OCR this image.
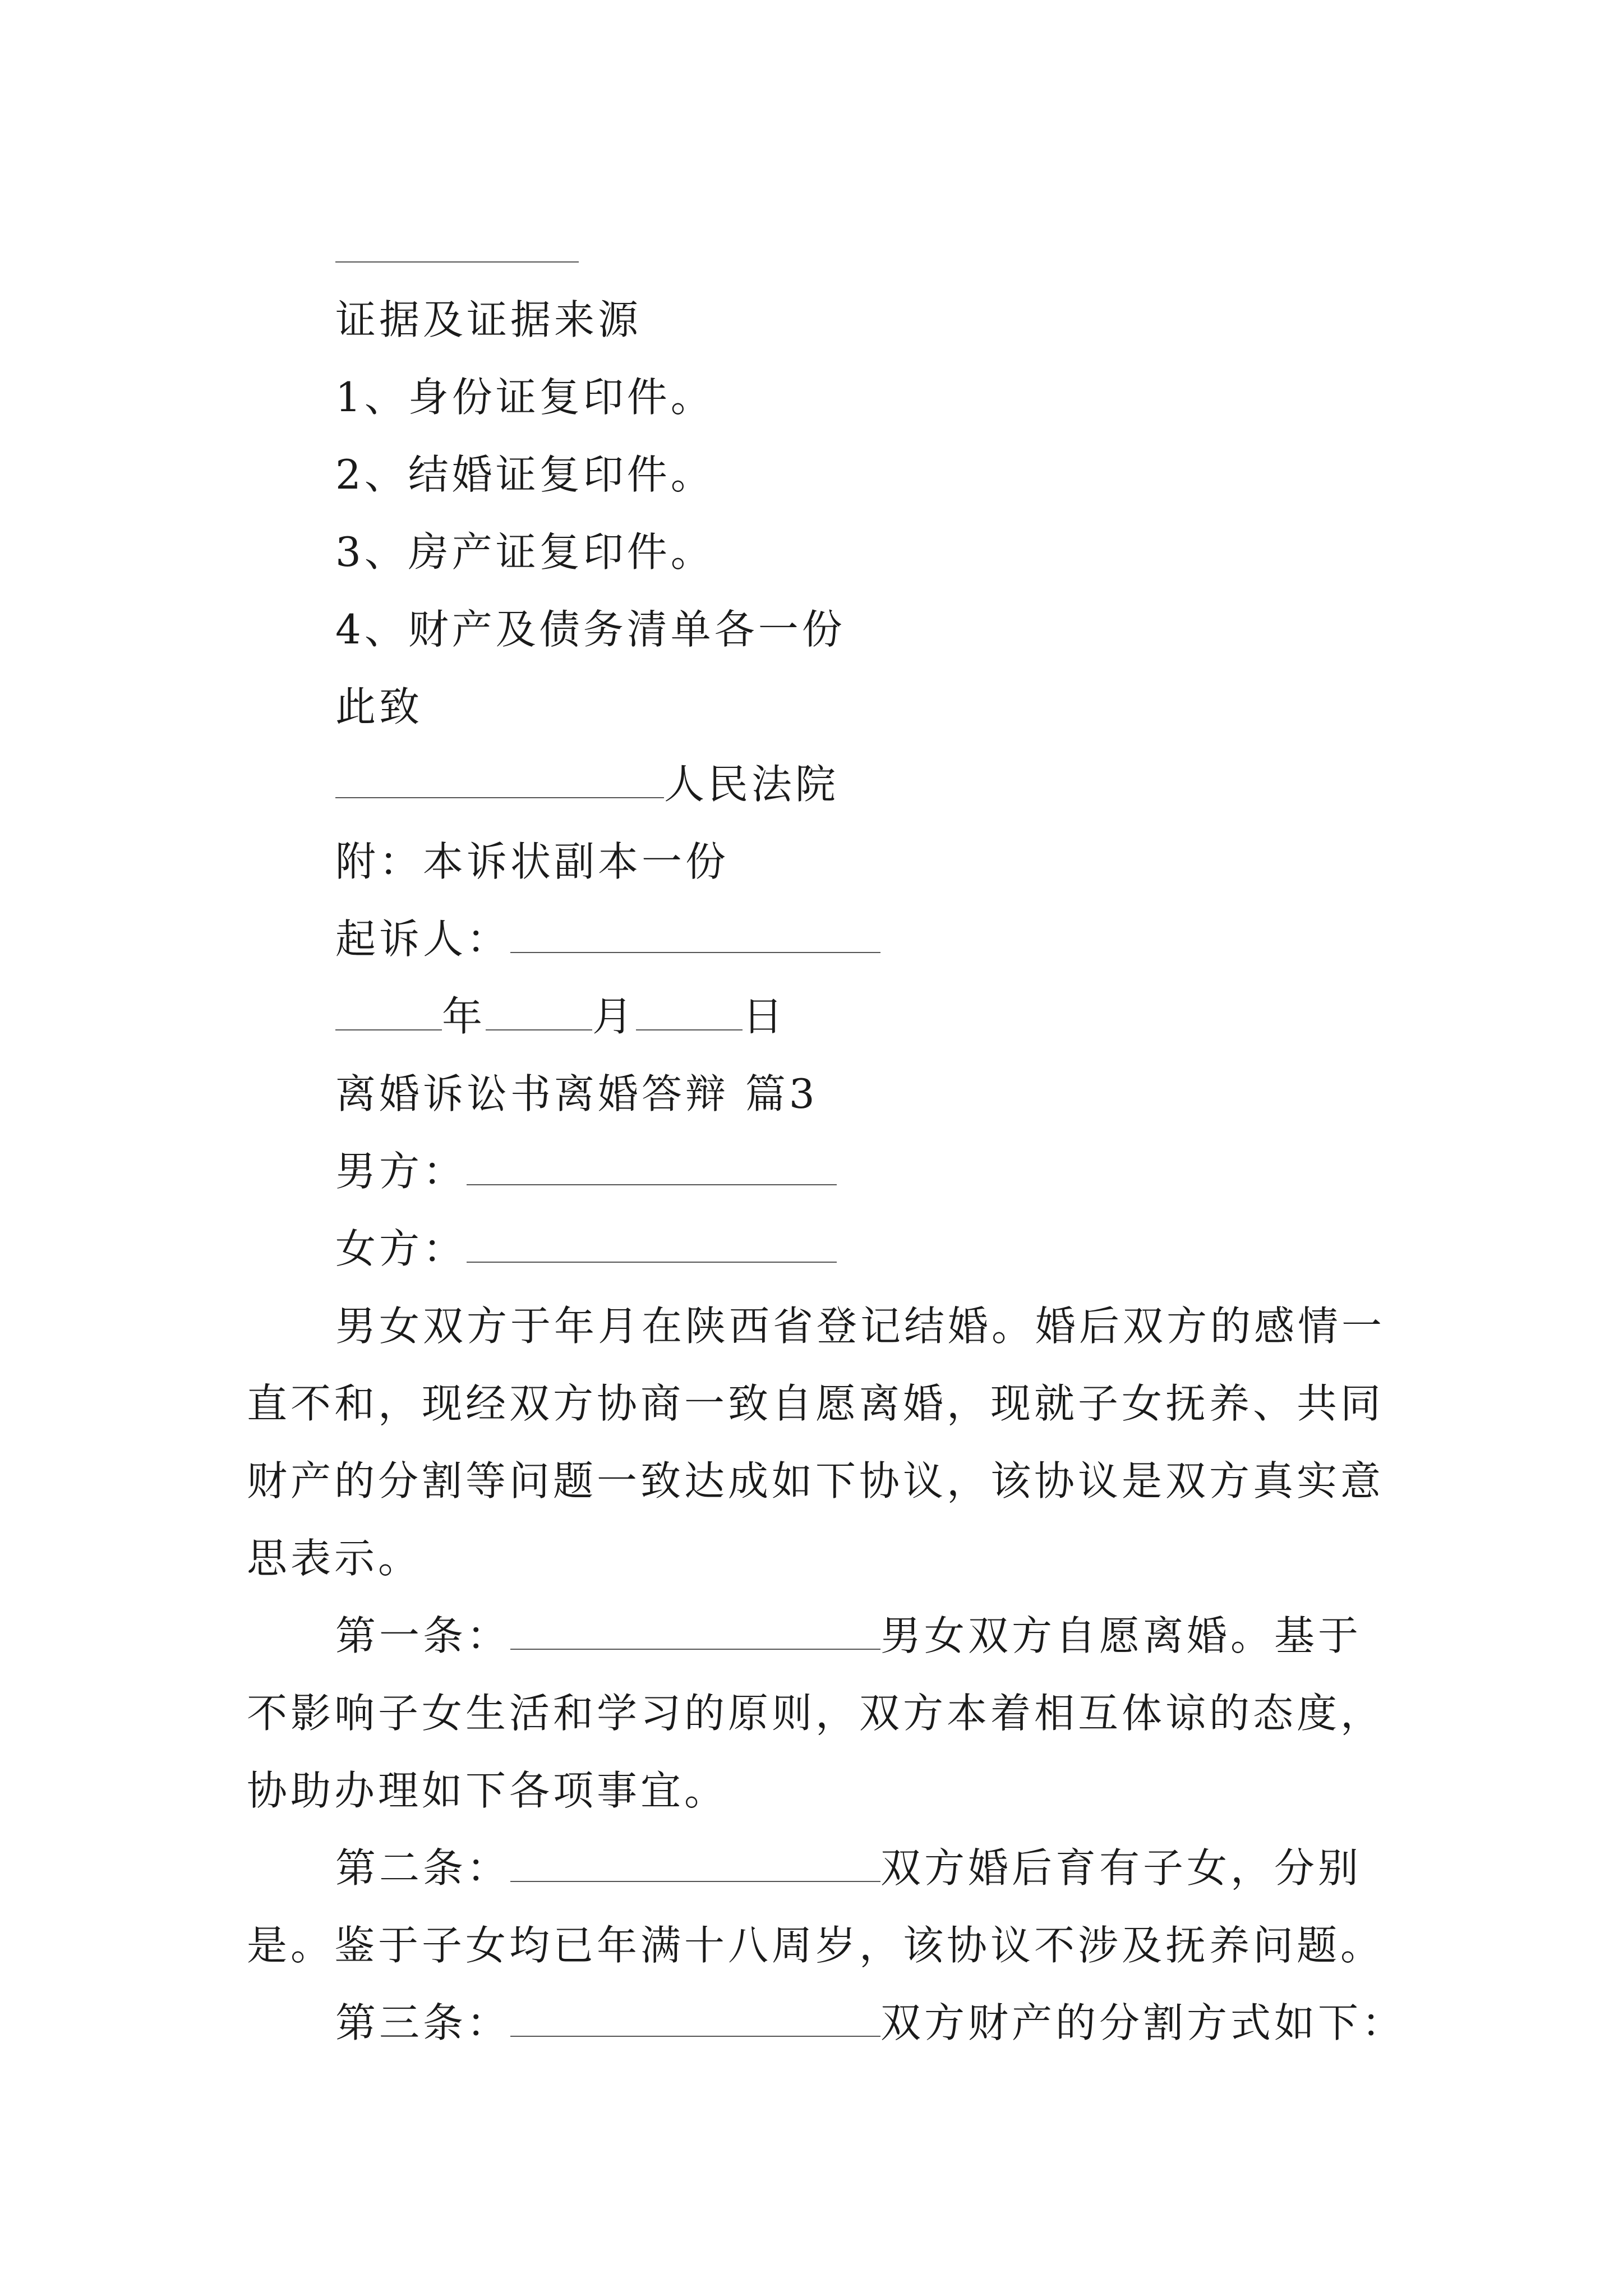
证据及证据来源
1、身份证复印件。
2、结婚证复印件。
3、房产证复印件。
4、财产及债务清单各一份
此致
人民法院
附：本诉状副本一份
起诉人：
年	月	日
离婚诉讼书离婚答辩 篇3
男方：
女方：
男女双方于年月在陕西省登记结婚。婚后双方的感情一
直不和，现经双方协商一致自愿离婚，现就子女抚养、共同
财产的分割等问题一致达成如下协议，该协议是双方真实意
思表示。
第一条：	男女双方自愿离婚。基于
不影响子女生活和学习的原则，双方本着相互体谅的态度，
协助办理如下各项事宜。
第二条：	双方婚后育有子女，分别
是。鉴于子女均已年满十八周岁，该协议不涉及抚养问题。
第三条：	双方财产的分割方式如下：
